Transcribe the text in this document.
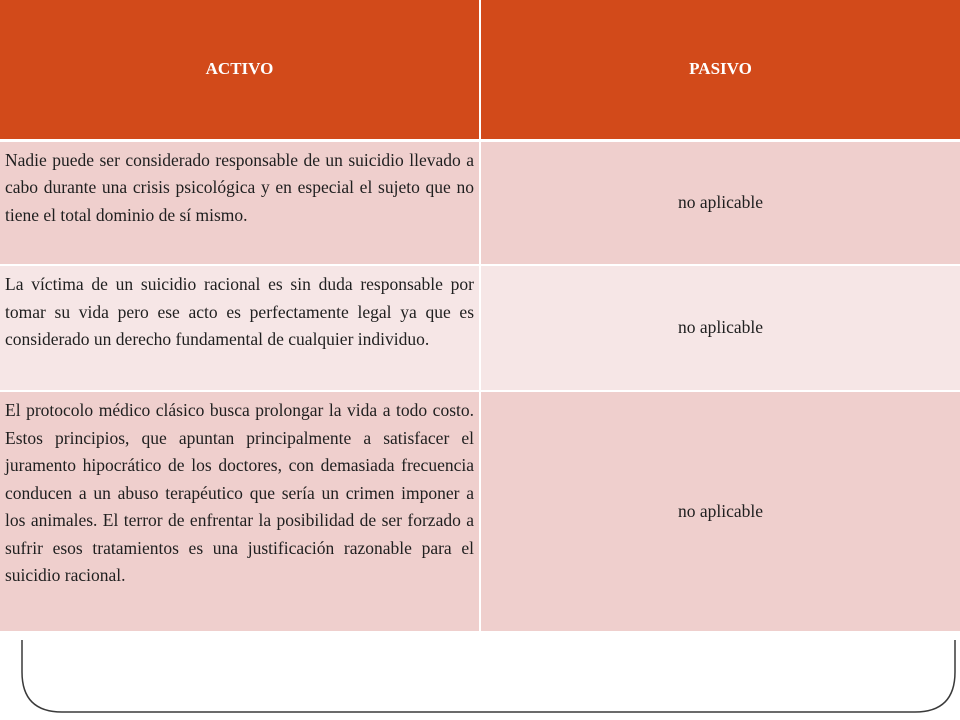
ACTIVO	PASIVO
Nadie puede ser considerado responsable de un suicidio llevado a cabo durante una crisis psicológica y en especial el sujeto que no tiene el total dominio de sí mismo.	no aplicable
La víctima de un suicidio racional es sin duda responsable por tomar su vida pero ese acto es perfectamente legal ya que es considerado un derecho fundamental de cualquier individuo.	no aplicable
El protocolo médico clásico busca prolongar la vida a todo costo. Estos principios, que apuntan principalmente a satisfacer el juramento hipocrático de los doctores, con demasiada frecuencia conducen a un abuso terapéutico que sería un crimen imponer a los animales. El terror de enfrentar la posibilidad de ser forzado a sufrir esos tratamientos es una justificación razonable para el suicidio racional.	no aplicable
